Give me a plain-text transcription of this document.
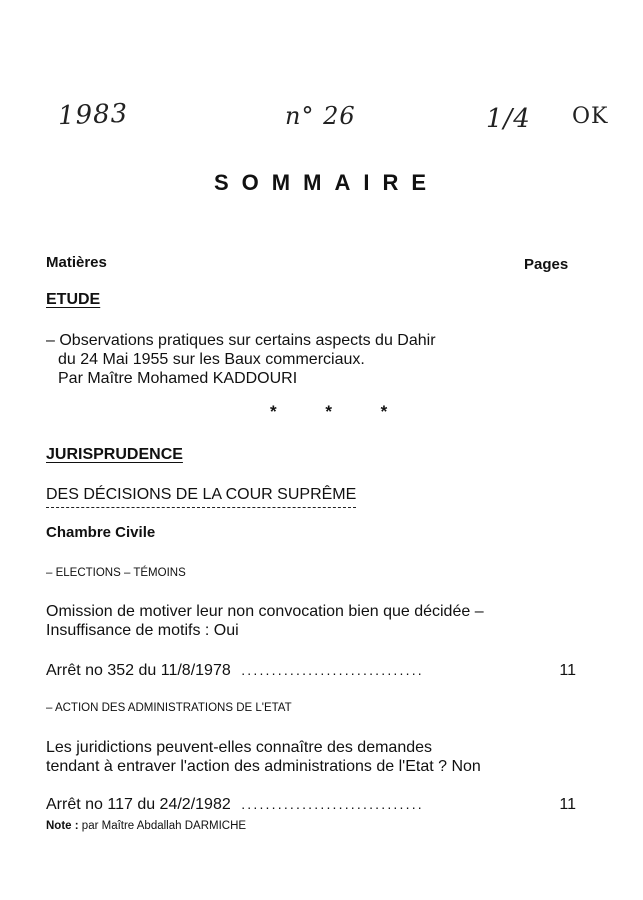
1983	n° 26	1/4 OK
SOMMAIRE
Matières	Pages
ETUDE
– Observations pratiques sur certains aspects du Dahir
du 24 Mai 1955 sur les Baux commerciaux.
Par Maître Mohamed KADDOURI
* * *
JURISPRUDENCE
DES DÉCISIONS DE LA COUR SUPRÊME
Chambre Civile
– ELECTIONS – TÉMOINS
Omission de motiver leur non convocation bien que décidée –
Insuffisance de motifs : Oui
Arrêt no 352 du 11/8/1978 ..............................	11
– ACTION DES ADMINISTRATIONS DE L'ETAT
Les juridictions peuvent-elles connaître des demandes
tendant à entraver l'action des administrations de l'Etat ? Non
Arrêt no 117 du 24/2/1982 ..............................	11
Note : par Maître Abdallah DARMICHE
